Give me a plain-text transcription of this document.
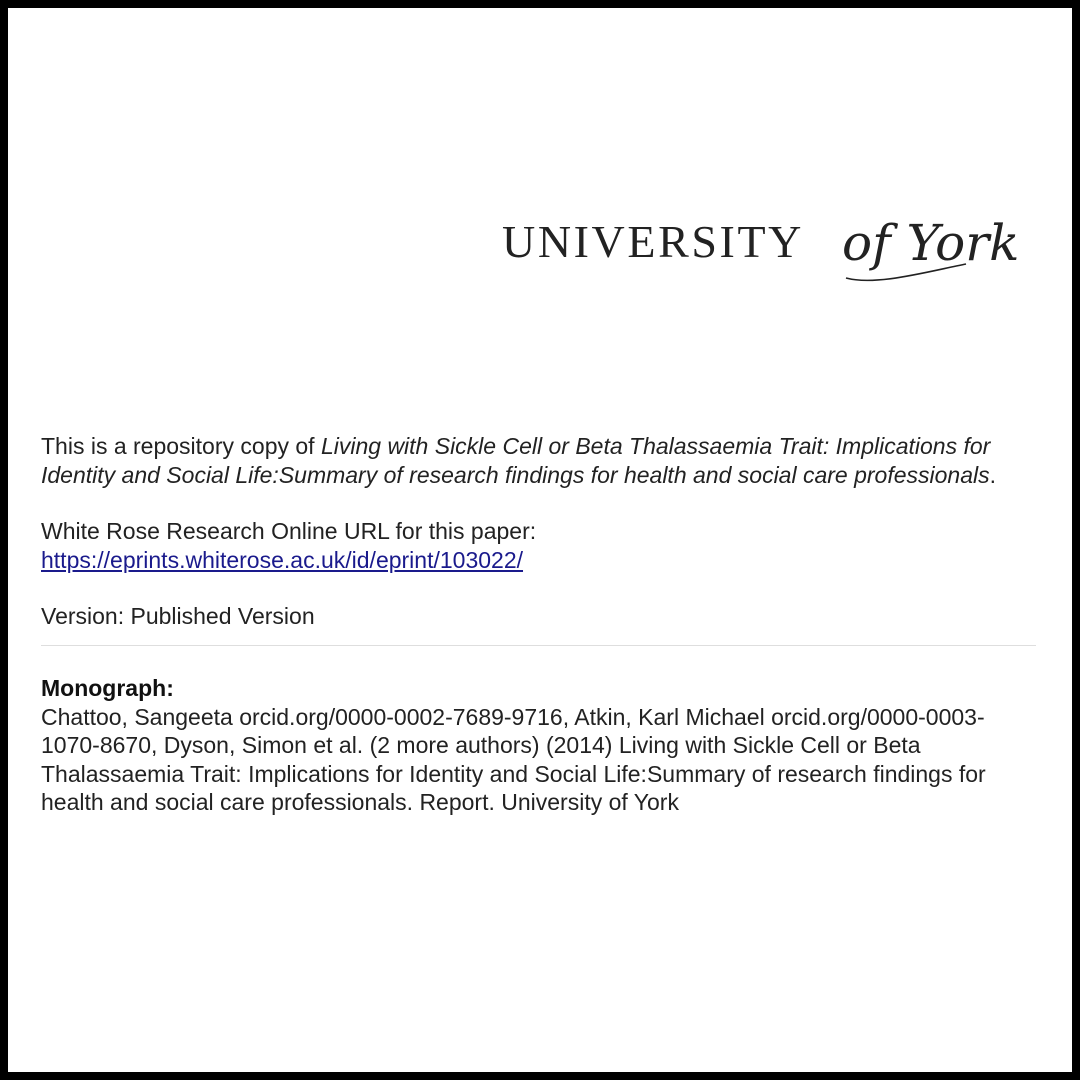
UNIVERSITY of York

This is a repository copy of Living with Sickle Cell or Beta Thalassaemia Trait: Implications for Identity and Social Life:Summary of research findings for health and social care professionals.

White Rose Research Online URL for this paper:

https://eprints.whiterose.ac.uk/id/eprint/103022/

Version: Published Version

Monograph:

Chattoo, Sangeeta orcid.org/0000-0002-7689-9716, Atkin, Karl Michael orcid.org/0000-0003-1070-8670, Dyson, Simon et al. (2 more authors) (2014) Living with Sickle Cell or Beta Thalassaemia Trait: Implications for Identity and Social Life:Summary of research findings for health and social care professionals. Report. University of York
